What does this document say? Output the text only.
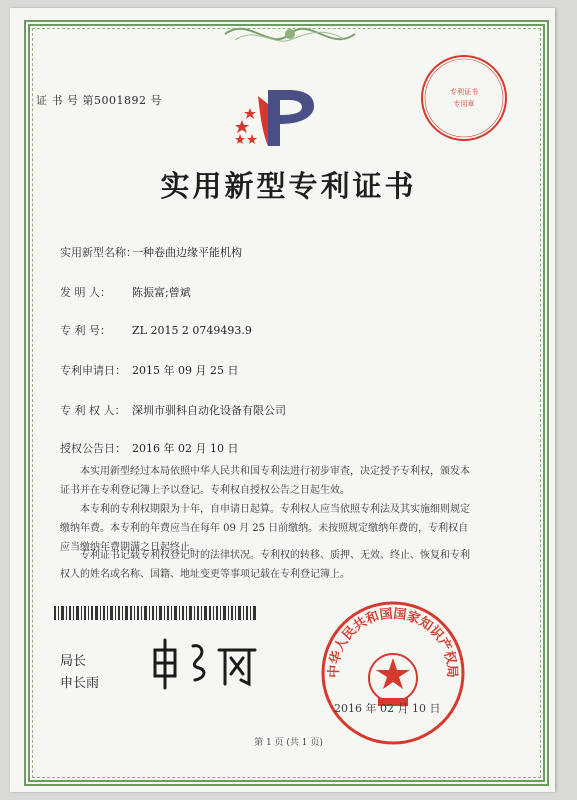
证 书 号 第5001892 号
专利证书
专用章
实用新型专利证书
实用新型名称：一种卷曲边缘平能机构
发 明 人： 陈振富;曾斌
专 利 号： ZL 2015 2 0749493.9
专利申请日： 2015 年 09 月 25 日
专 利 权 人： 深圳市驯科自动化设备有限公司
授权公告日： 2016 年 02 月 10 日
本实用新型经过本局依照中华人民共和国专利法进行初步审查，决定授予专利权，颁发本证书并在专利登记簿上予以登记。专利权自授权公告之日起生效。
本专利的专利权期限为十年，自申请日起算。专利权人应当依照专利法及其实施细则规定缴纳年费。本专利的年费应当在每年 09 月 25 日前缴纳。未按照规定缴纳年费的，专利权自应当缴纳年费期满之日起终止。
专利证书记载专利权登记时的法律状况。专利权的转移、质押、无效、终止、恢复和专利权人的姓名或名称、国籍、地址变更等事项记载在专利登记簿上。
局长
申长雨
中华人民共和国国家知识产权局
2016 年 02 月 10 日
第 1 页 (共 1 页)
